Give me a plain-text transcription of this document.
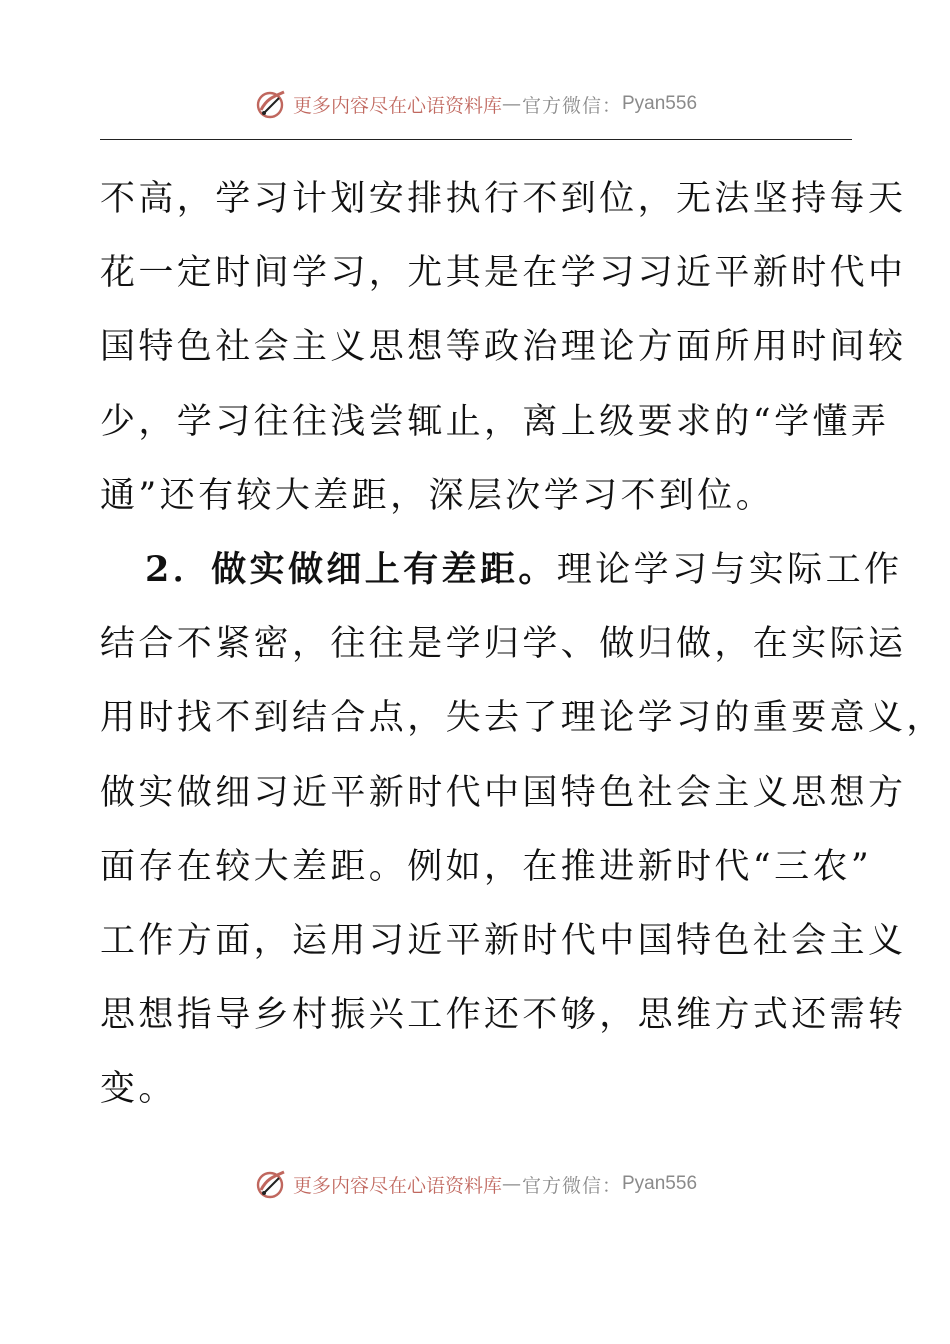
更多内容尽在心语资料库 — 官方微信： Pyan556
不高，学习计划安排执行不到位，无法坚持每天
花一定时间学习，尤其是在学习习近平新时代中
国特色社会主义思想等政治理论方面所用时间较
少，学习往往浅尝辄止，离上级要求的“学懂弄
通”还有较大差距，深层次学习不到位。
2．做实做细上有差距。理论学习与实际工作
结合不紧密，往往是学归学、做归做，在实际运
用时找不到结合点，失去了理论学习的重要意义，
做实做细习近平新时代中国特色社会主义思想方
面存在较大差距。例如，在推进新时代“三农”
工作方面，运用习近平新时代中国特色社会主义
思想指导乡村振兴工作还不够，思维方式还需转
变。
更多内容尽在心语资料库 — 官方微信： Pyan556
